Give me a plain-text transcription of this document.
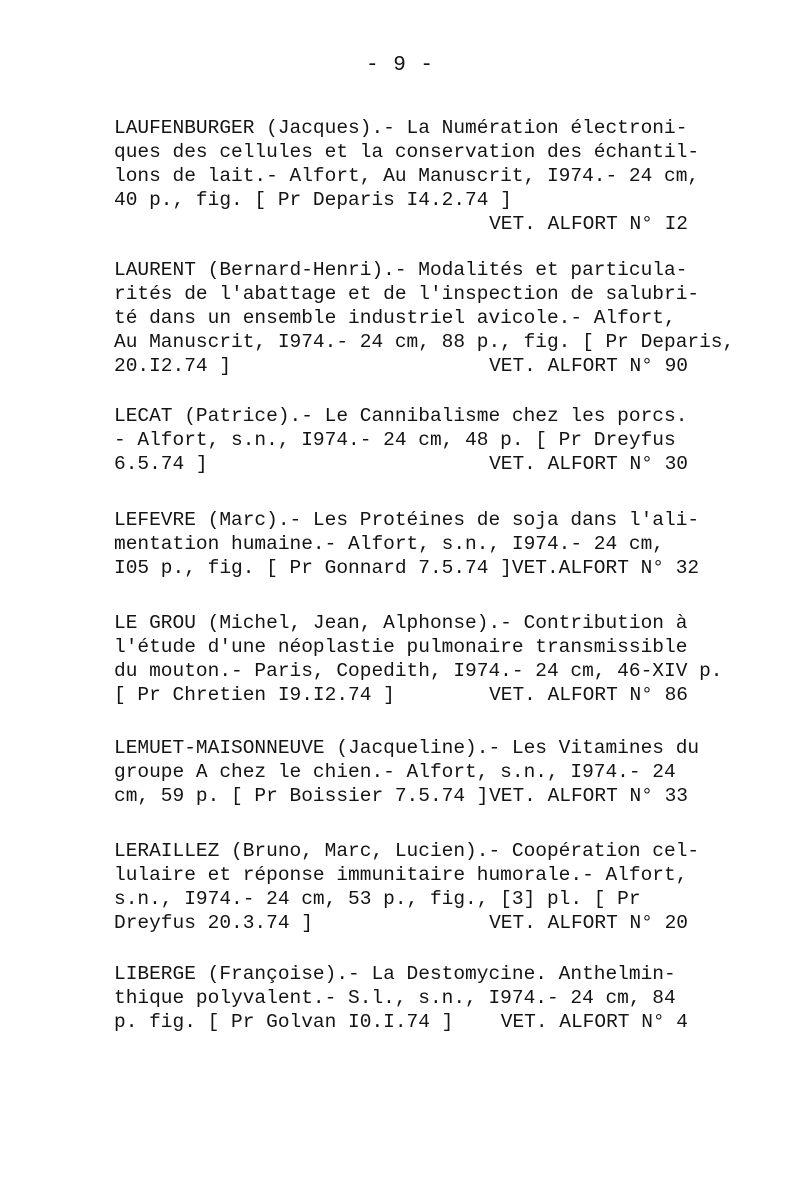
- 9 -
LAUFENBURGER (Jacques).- La Numération électroni-
ques des cellules et la conservation des échantil-
lons de lait.- Alfort, Au Manuscrit, I974.- 24 cm,
40 p., fig. [ Pr Deparis I4.2.74 ]
VET. ALFORT N° I2
LAURENT (Bernard-Henri).- Modalités et particula-
rités de l'abattage et de l'inspection de salubri-
té dans un ensemble industriel avicole.- Alfort,
Au Manuscrit, I974.- 24 cm, 88 p., fig. [ Pr Deparis,
20.I2.74 ]	VET. ALFORT N° 90
LECAT (Patrice).- Le Cannibalisme chez les porcs.
- Alfort, s.n., I974.- 24 cm, 48 p. [ Pr Dreyfus
6.5.74 ]	VET. ALFORT N° 30
LEFEVRE (Marc).- Les Protéines de soja dans l'ali-
mentation humaine.- Alfort, s.n., I974.- 24 cm,
I05 p., fig. [ Pr Gonnard 7.5.74 ] VET.ALFORT N° 32
LE GROU (Michel, Jean, Alphonse).- Contribution à
l'étude d'une néoplastie pulmonaire transmissible
du mouton.- Paris, Copedith, I974.- 24 cm, 46-XIV p.
[ Pr Chretien I9.I2.74 ]	VET. ALFORT N° 86
LEMUET-MAISONNEUVE (Jacqueline).- Les Vitamines du
groupe A chez le chien.- Alfort, s.n., I974.- 24
cm, 59 p. [ Pr Boissier 7.5.74 ] VET. ALFORT N° 33
LERAILLEZ (Bruno, Marc, Lucien).- Coopération cel-
lulaire et réponse immunitaire humorale.- Alfort,
s.n., I974.- 24 cm, 53 p., fig., [3] pl. [ Pr
Dreyfus 20.3.74 ]	VET. ALFORT N° 20
LIBERGE (Françoise).- La Destomycine. Anthelmin-
thique polyvalent.- S.l., s.n., I974.- 24 cm, 84
p. fig. [ Pr Golvan I0.I.74 ] VET. ALFORT N° 4
